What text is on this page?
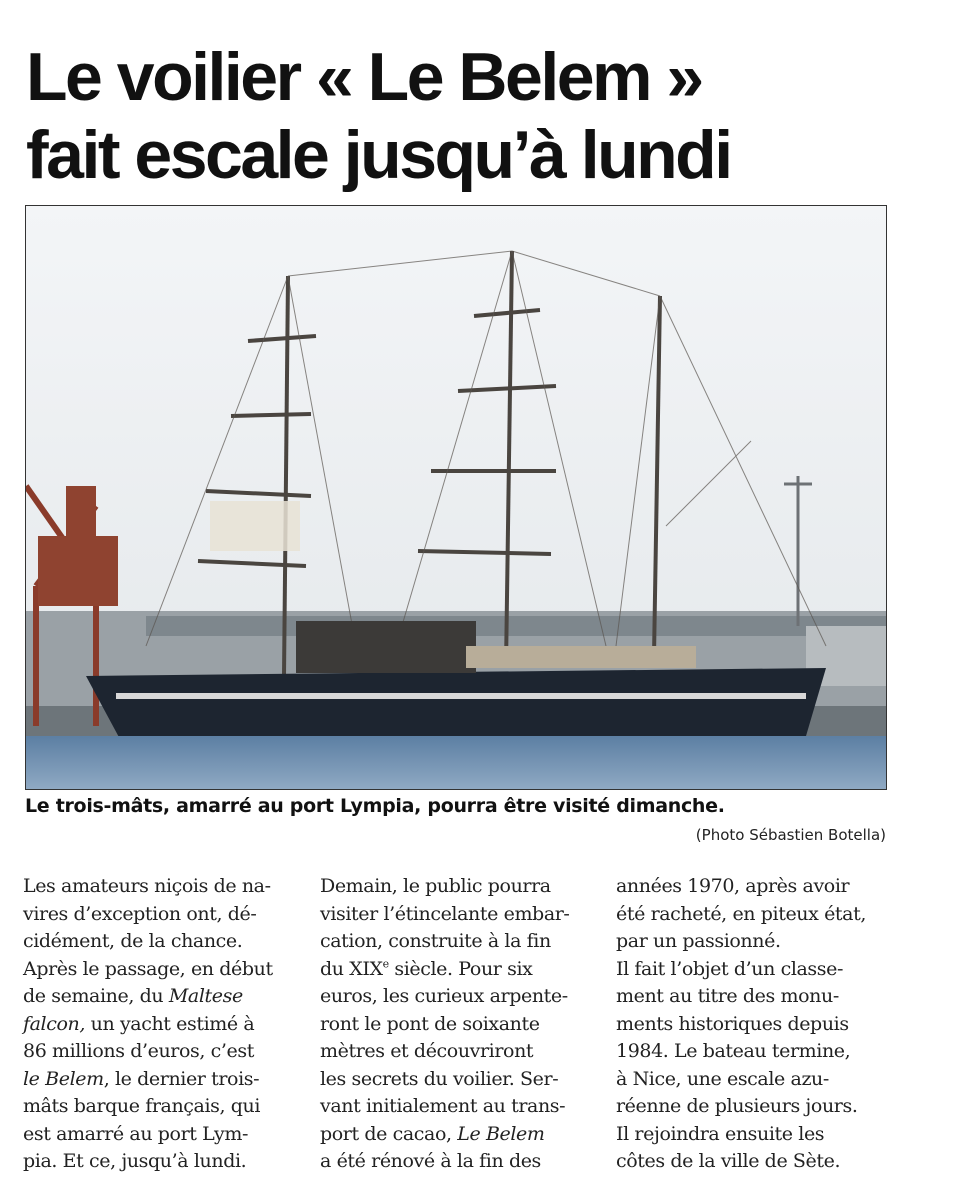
Le voilier « Le Belem »
fait escale jusqu’à lundi

Le trois-mâts, amarré au port Lympia, pourra être visité dimanche.

(Photo Sébastien Botella)

Les amateurs niçois de na-
vires d’exception ont, dé-
cidément, de la chance.
Après le passage, en début
de semaine, du Maltese
falcon, un yacht estimé à
86 millions d’euros, c’est
le Belem, le dernier trois-
mâts barque français, qui
est amarré au port Lym-
pia. Et ce, jusqu’à lundi.

Demain, le public pourra
visiter l’étincelante embar-
cation, construite à la fin
du XIXe siècle. Pour six
euros, les curieux arpente-
ront le pont de soixante
mètres et découvriront
les secrets du voilier. Ser-
vant initialement au trans-
port de cacao, Le Belem
a été rénové à la fin des

années 1970, après avoir
été racheté, en piteux état,
par un passionné.
Il fait l’objet d’un classe-
ment au titre des monu-
ments historiques depuis
1984. Le bateau termine,
à Nice, une escale azu-
réenne de plusieurs jours.
Il rejoindra ensuite les
côtes de la ville de Sète.
